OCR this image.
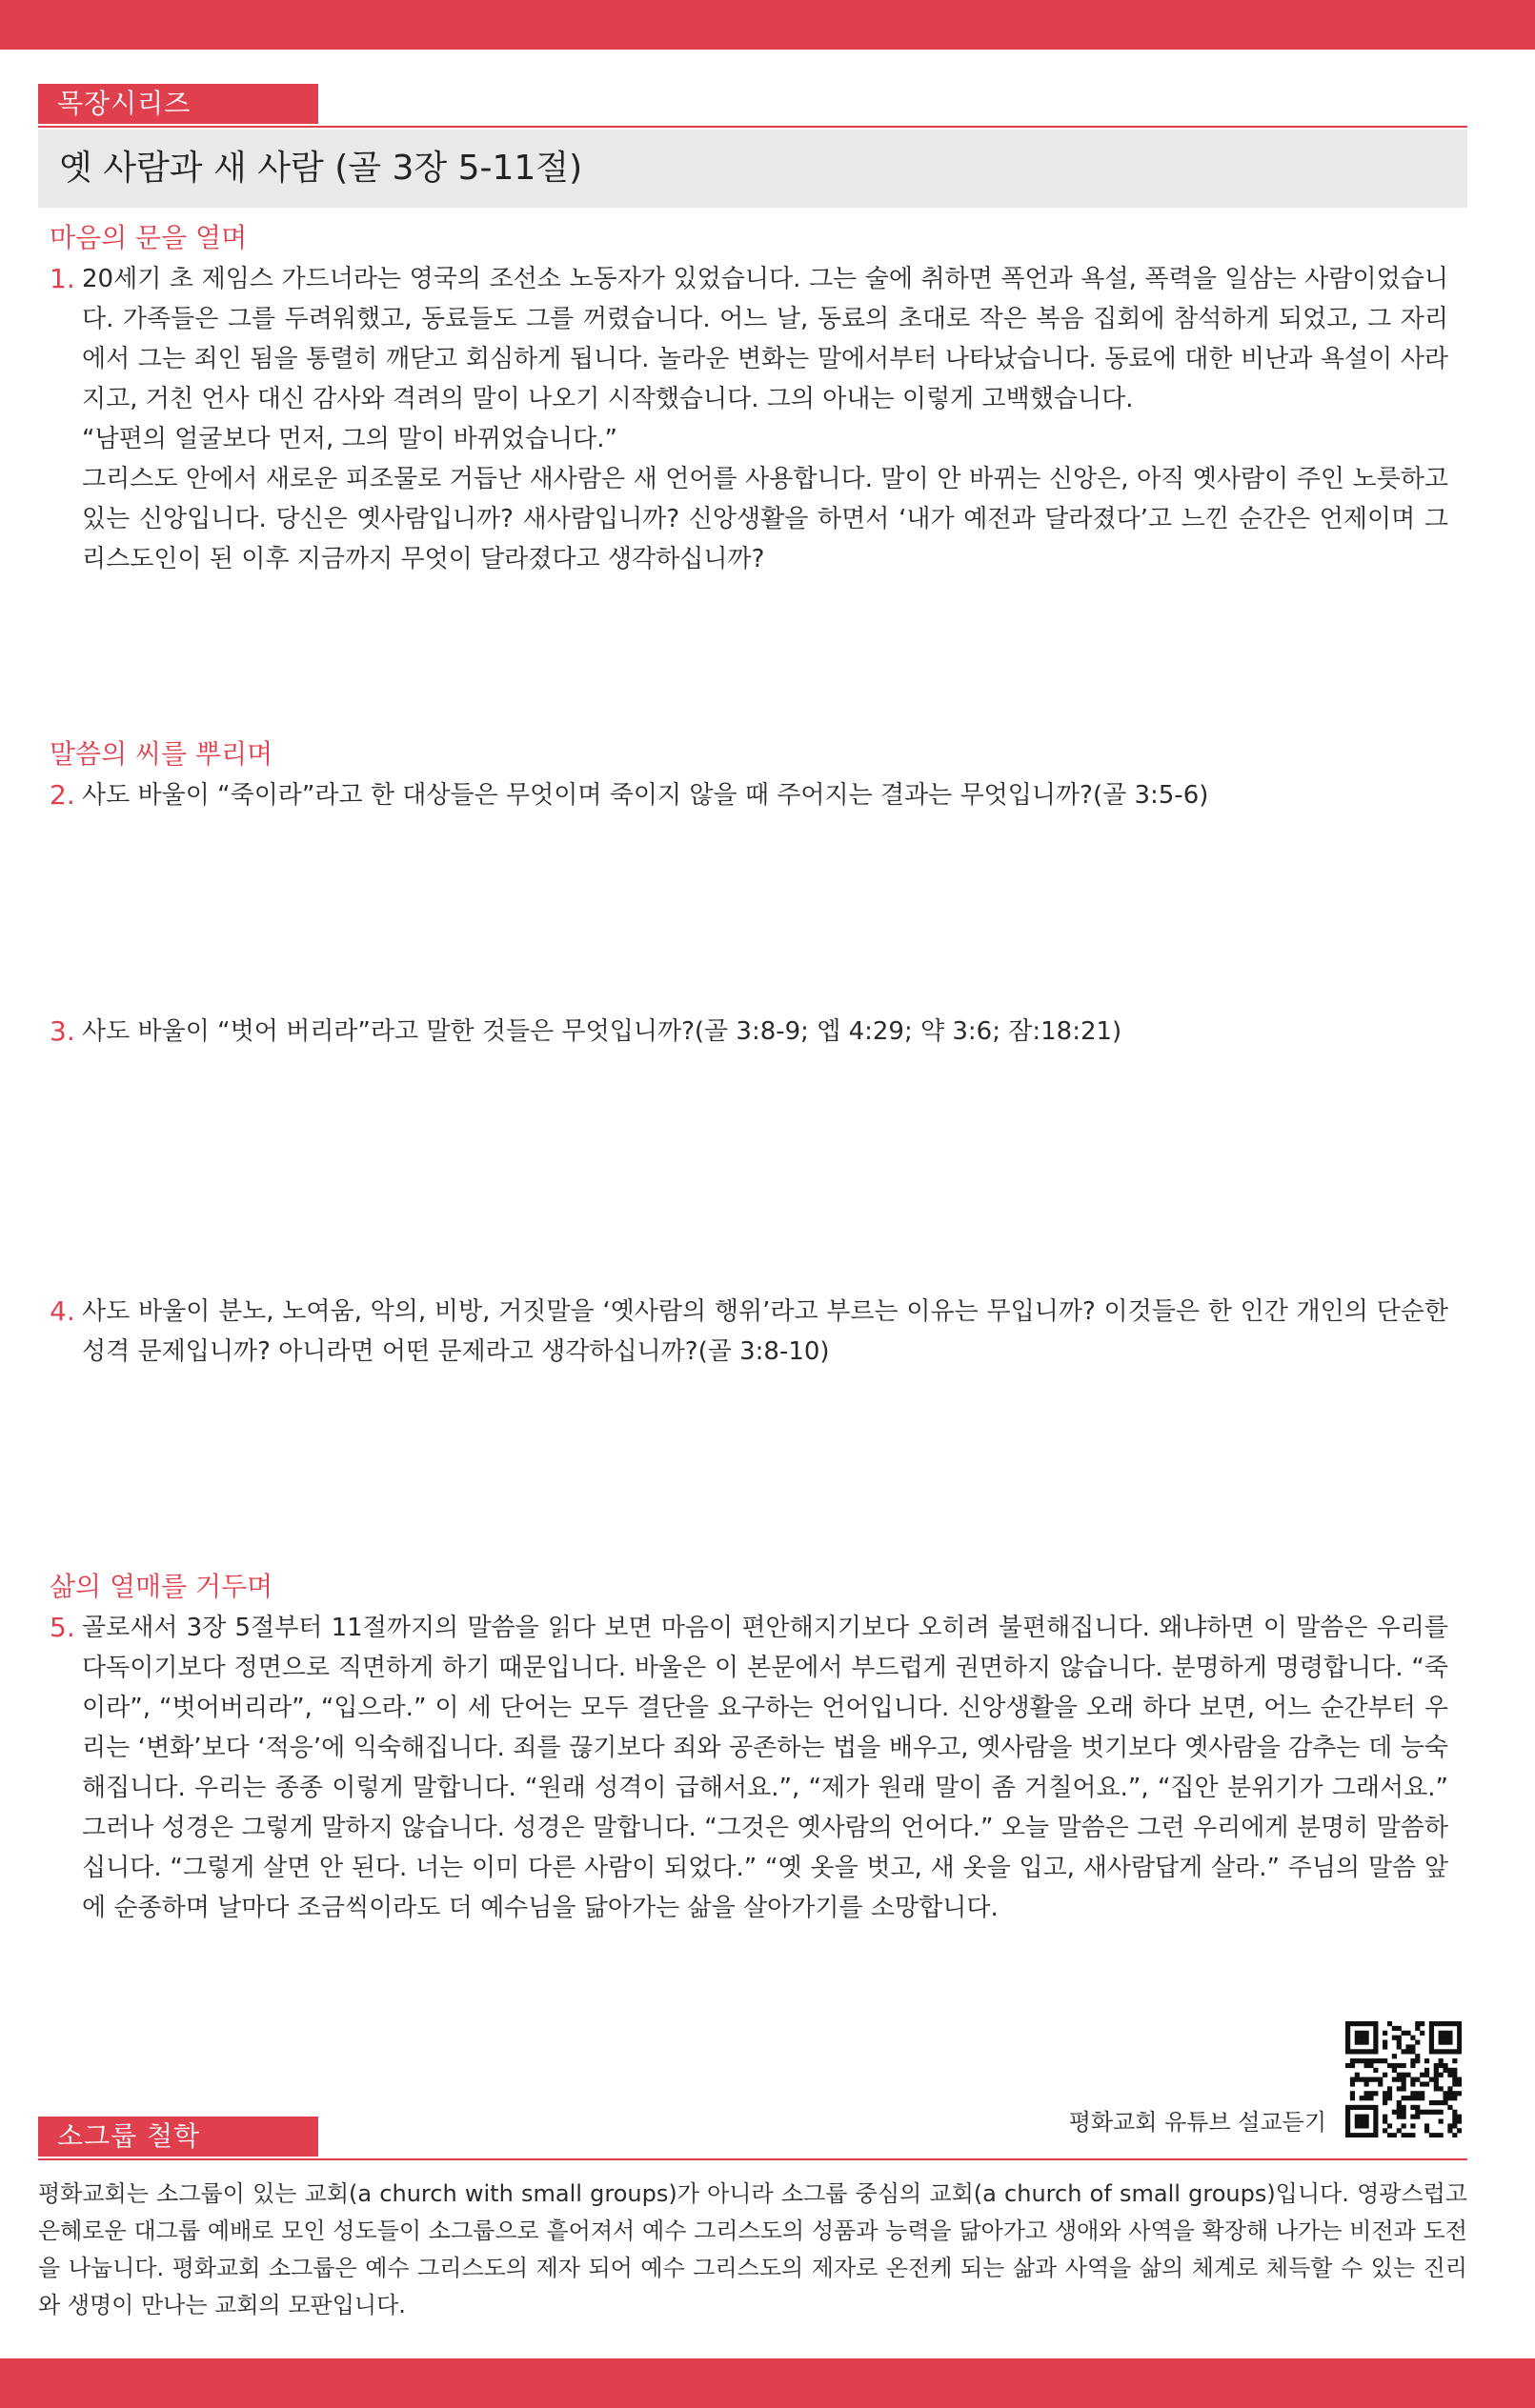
목장시리즈
옛 사람과 새 사람 (골 3장 5-11절)
마음의 문을 열며
1. 20세기 초 제임스 가드너라는 영국의 조선소 노동자가 있었습니다. 그는 술에 취하면 폭언과 욕설, 폭력을 일삼는 사람이었습니다. 가족들은 그를 두려워했고, 동료들도 그를 꺼렸습니다. 어느 날, 동료의 초대로 작은 복음 집회에 참석하게 되었고, 그 자리에서 그는 죄인 됨을 통렬히 깨닫고 회심하게 됩니다. 놀라운 변화는 말에서부터 나타났습니다. 동료에 대한 비난과 욕설이 사라지고, 거친 언사 대신 감사와 격려의 말이 나오기 시작했습니다. 그의 아내는 이렇게 고백했습니다.

“남편의 얼굴보다 먼저, 그의 말이 바뀌었습니다.”

그리스도 안에서 새로운 피조물로 거듭난 새사람은 새 언어를 사용합니다. 말이 안 바뀌는 신앙은, 아직 옛사람이 주인 노릇하고 있는 신앙입니다. 당신은 옛사람입니까? 새사람입니까? 신앙생활을 하면서 ‘내가 예전과 달라졌다’고 느낀 순간은 언제이며 그리스도인이 된 이후 지금까지 무엇이 달라졌다고 생각하십니까?

말씀의 씨를 뿌리며
2. 사도 바울이 “죽이라”라고 한 대상들은 무엇이며 죽이지 않을 때 주어지는 결과는 무엇입니까?(골 3:5-6)

3. 사도 바울이 “벗어 버리라”라고 말한 것들은 무엇입니까?(골 3:8-9; 엡 4:29; 약 3:6; 잠:18:21)

4. 사도 바울이 분노, 노여움, 악의, 비방, 거짓말을 ‘옛사람의 행위’라고 부르는 이유는 무입니까? 이것들은 한 인간 개인의 단순한 성격 문제입니까? 아니라면 어떤 문제라고 생각하십니까?(골 3:8-10)

삶의 열매를 거두며
5. 골로새서 3장 5절부터 11절까지의 말씀을 읽다 보면 마음이 편안해지기보다 오히려 불편해집니다. 왜냐하면 이 말씀은 우리를 다독이기보다 정면으로 직면하게 하기 때문입니다. 바울은 이 본문에서 부드럽게 권면하지 않습니다. 분명하게 명령합니다. “죽이라”, “벗어버리라”, “입으라.” 이 세 단어는 모두 결단을 요구하는 언어입니다. 신앙생활을 오래 하다 보면, 어느 순간부터 우리는 ‘변화’보다 ‘적응’에 익숙해집니다. 죄를 끊기보다 죄와 공존하는 법을 배우고, 옛사람을 벗기보다 옛사람을 감추는 데 능숙해집니다. 우리는 종종 이렇게 말합니다. “원래 성격이 급해서요.”, “제가 원래 말이 좀 거칠어요.”, “집안 분위기가 그래서요.” 그러나 성경은 그렇게 말하지 않습니다. 성경은 말합니다. “그것은 옛사람의 언어다.” 오늘 말씀은 그런 우리에게 분명히 말씀하십니다. “그렇게 살면 안 된다. 너는 이미 다른 사람이 되었다.” “옛 옷을 벗고, 새 옷을 입고, 새사람답게 살라.” 주님의 말씀 앞에 순종하며 날마다 조금씩이라도 더 예수님을 닮아가는 삶을 살아가기를 소망합니다.

평화교회 유튜브 설교듣기
소그룹 철학
평화교회는 소그룹이 있는 교회(a church with small groups)가 아니라 소그룹 중심의 교회(a church of small groups)입니다. 영광스럽고 은혜로운 대그룹 예배로 모인 성도들이 소그룹으로 흩어져서 예수 그리스도의 성품과 능력을 닮아가고 생애와 사역을 확장해 나가는 비전과 도전을 나눕니다. 평화교회 소그룹은 예수 그리스도의 제자 되어 예수 그리스도의 제자로 온전케 되는 삶과 사역을 삶의 체계로 체득할 수 있는 진리와 생명이 만나는 교회의 모판입니다.
